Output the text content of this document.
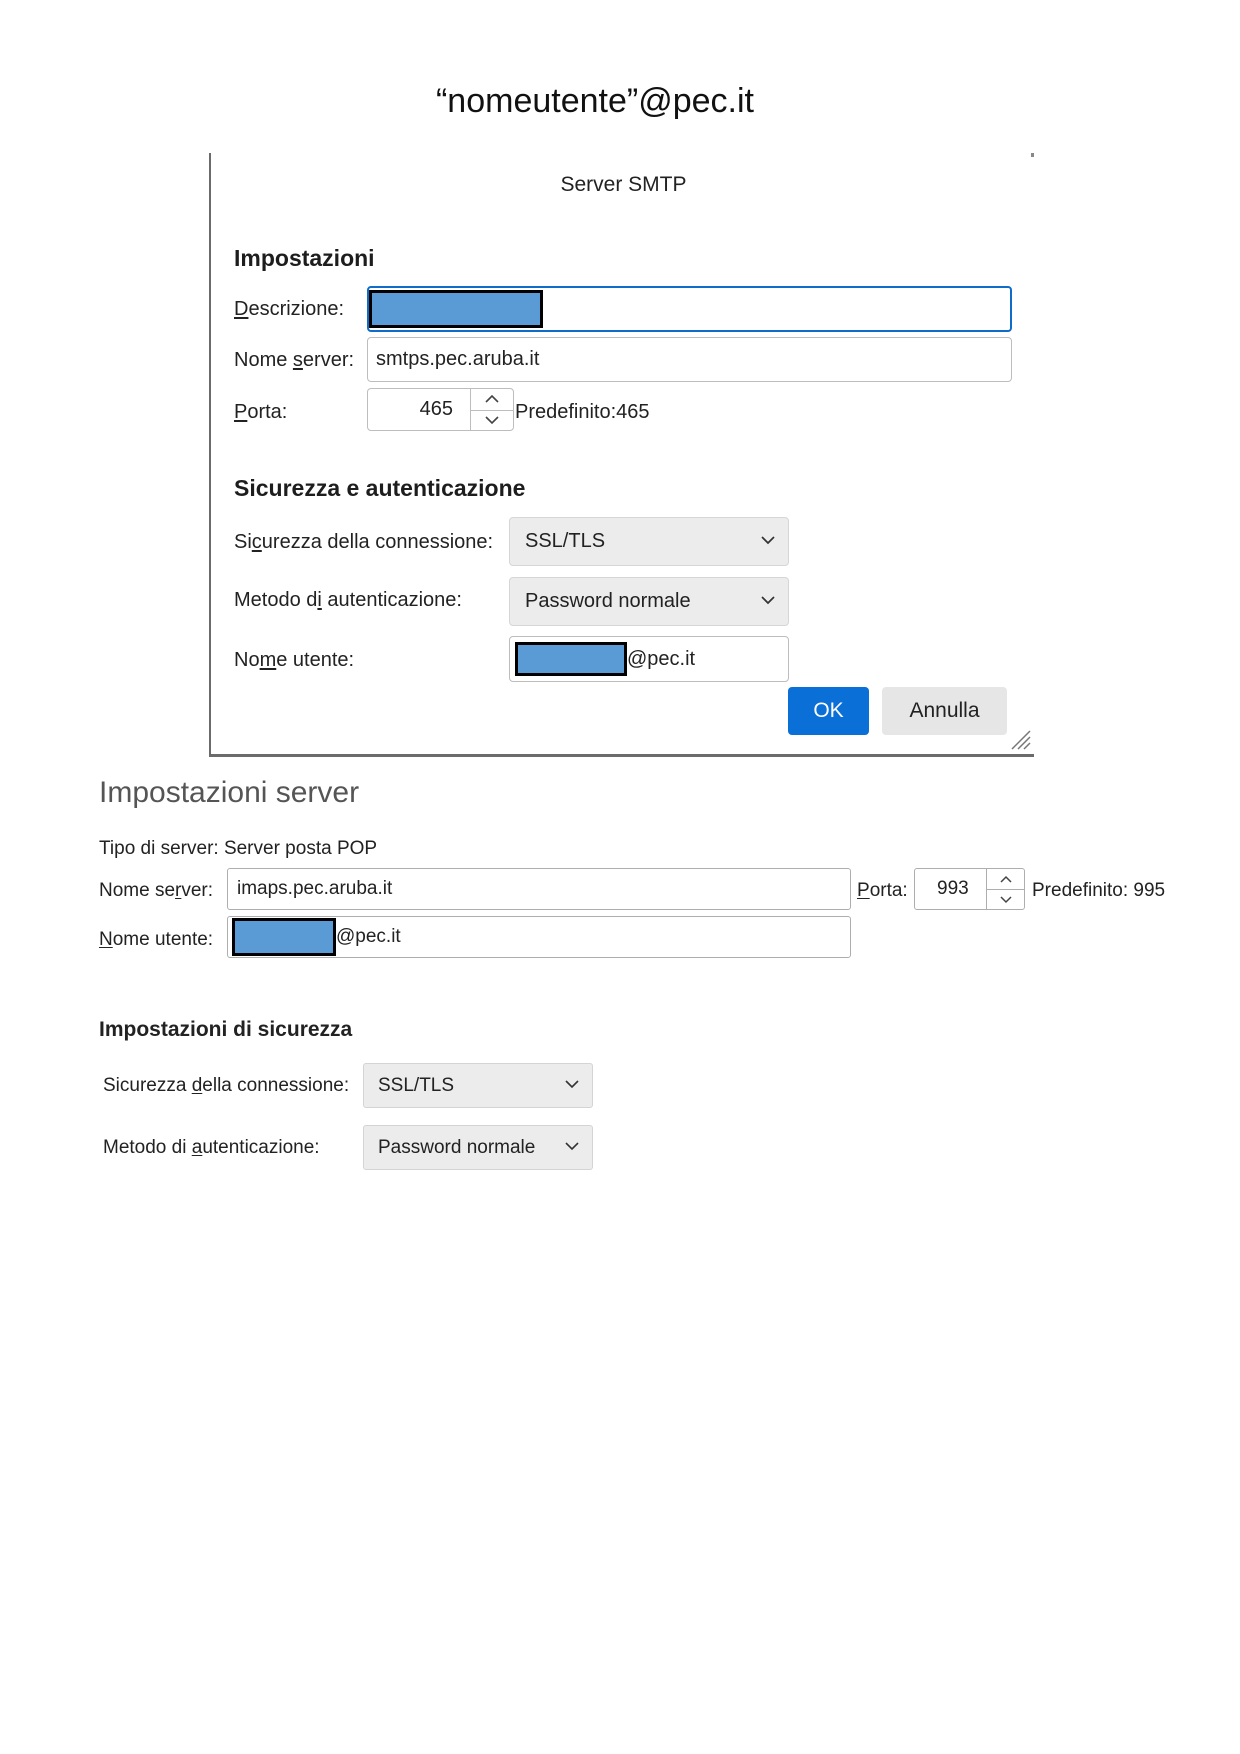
“nomeutente”@pec.it
Server SMTP
Impostazioni
Descrizione:
Nome server: smtps.pec.aruba.it
Porta:	465	Predefinito:465
Sicurezza e autenticazione
Sicurezza della connessione: SSL/TLS
Metodo di autenticazione:	Password normale
Nome utente:	@pec.it
OK	Annulla
Impostazioni server
Tipo di server: Server posta POP
Nome server: imaps.pec.aruba.it	Porta: 993	Predefinito: 995
Nome utente:	@pec.it
Impostazioni di sicurezza
Sicurezza della connessione: SSL/TLS
Metodo di autenticazione:	Password normale
